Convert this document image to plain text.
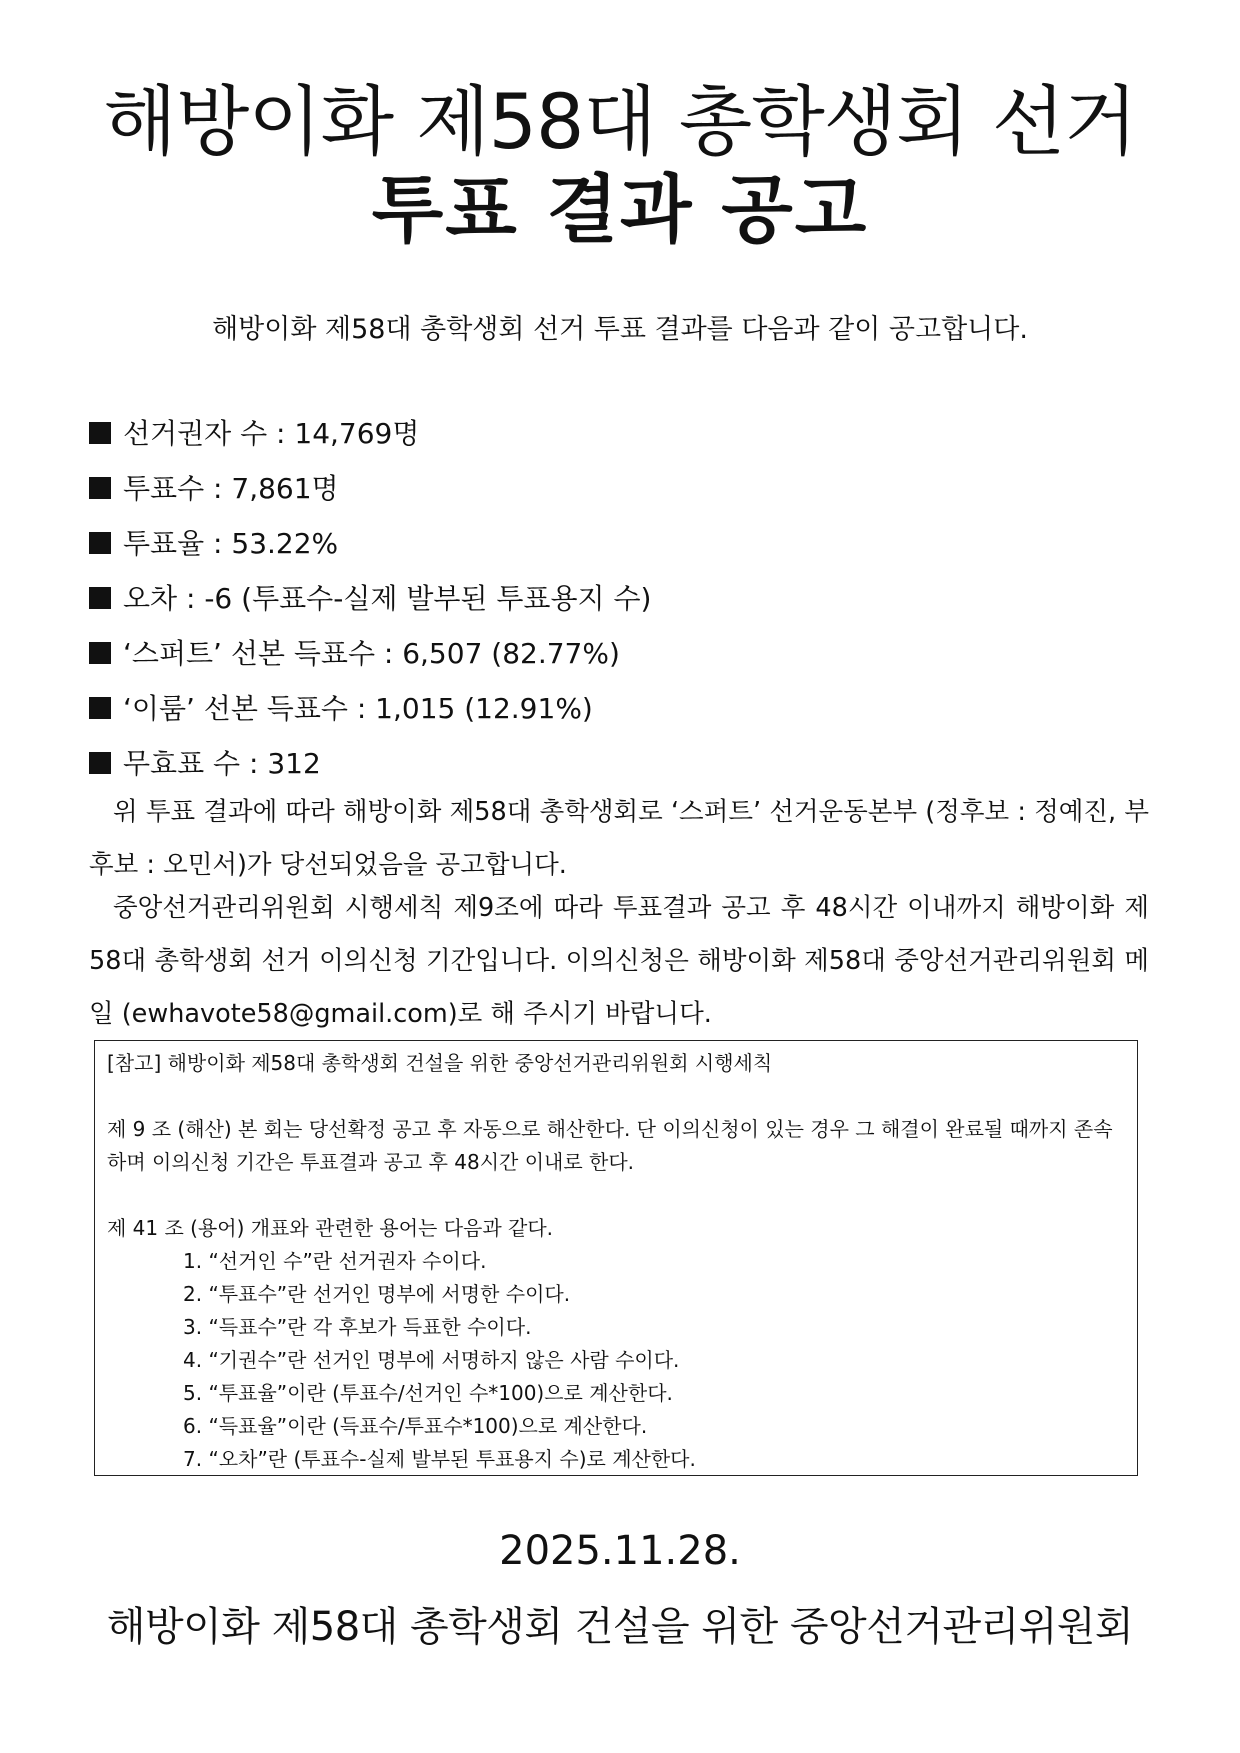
해방이화 제58대 총학생회 선거
투표 결과 공고
해방이화 제58대 총학생회 선거 투표 결과를 다음과 같이 공고합니다.
선거권자 수 : 14,769명
투표수 : 7,861명
투표율 : 53.22%
오차 : -6 (투표수-실제 발부된 투표용지 수)
‘스퍼트’ 선본 득표수 : 6,507 (82.77%)
‘이룸’ 선본 득표수 : 1,015 (12.91%)
무효표 수 : 312
위 투표 결과에 따라 해방이화 제58대 총학생회로 ‘스퍼트’ 선거운동본부 (정후보 : 정예진, 부후보 : 오민서)가 당선되었음을 공고합니다.
중앙선거관리위원회 시행세칙 제9조에 따라 투표결과 공고 후 48시간 이내까지 해방이화 제58대 총학생회 선거 이의신청 기간입니다. 이의신청은 해방이화 제58대 중앙선거관리위원회 메일 (ewhavote58@gmail.com)로 해 주시기 바랍니다.
[참고] 해방이화 제58대 총학생회 건설을 위한 중앙선거관리위원회 시행세칙
제 9 조 (해산) 본 회는 당선확정 공고 후 자동으로 해산한다. 단 이의신청이 있는 경우 그 해결이 완료될 때까지 존속하며 이의신청 기간은 투표결과 공고 후 48시간 이내로 한다.
제 41 조 (용어) 개표와 관련한 용어는 다음과 같다.
1. “선거인 수”란 선거권자 수이다.
2. “투표수”란 선거인 명부에 서명한 수이다.
3. “득표수”란 각 후보가 득표한 수이다.
4. “기권수”란 선거인 명부에 서명하지 않은 사람 수이다.
5. “투표율”이란 (투표수/선거인 수*100)으로 계산한다.
6. “득표율”이란 (득표수/투표수*100)으로 계산한다.
7. “오차”란 (투표수-실제 발부된 투표용지 수)로 계산한다.
2025.11.28.
해방이화 제58대 총학생회 건설을 위한 중앙선거관리위원회
